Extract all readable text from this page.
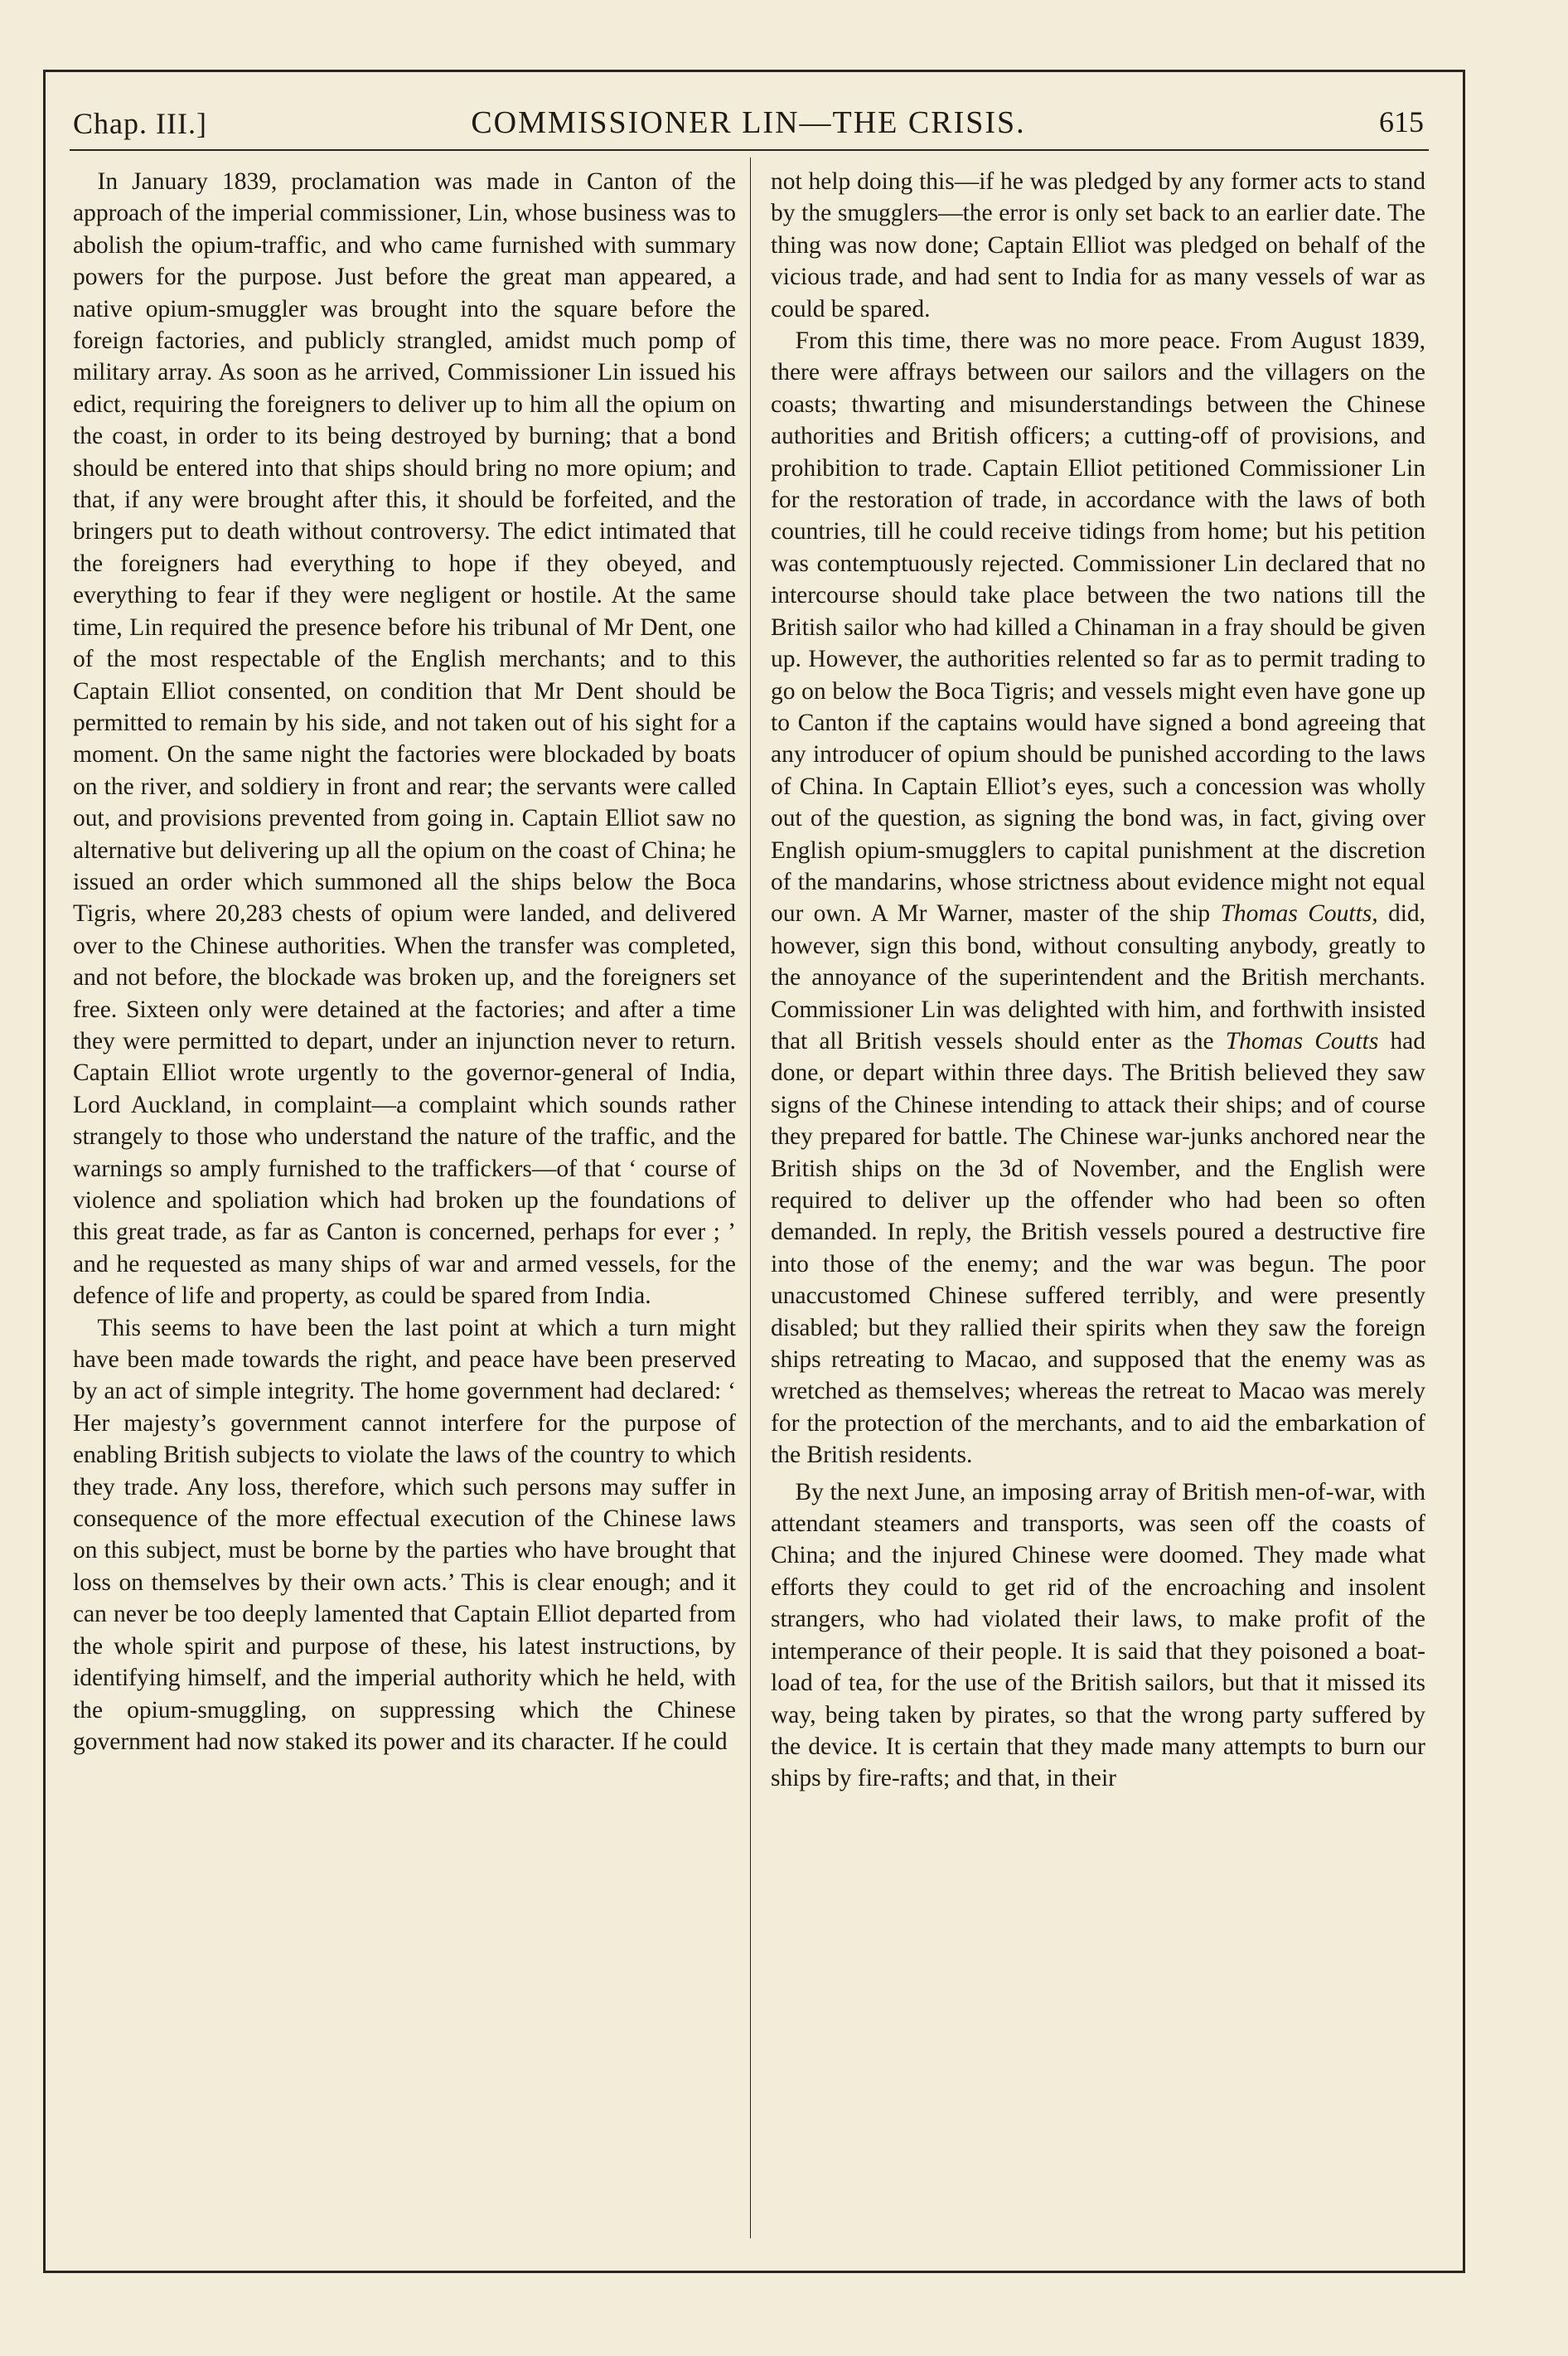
Chap. III.]	COMMISSIONER LIN—THE CRISIS.	615

In January 1839, proclamation was made in Canton of the approach of the imperial commissioner, Lin, whose business was to abolish the opium-traffic, and who came furnished with summary powers for the purpose. Just before the great man appeared, a native opium-smuggler was brought into the square before the foreign factories, and publicly strangled, amidst much pomp of military array. As soon as he arrived, Commissioner Lin issued his edict, requiring the foreigners to deliver up to him all the opium on the coast, in order to its being destroyed by burning; that a bond should be entered into that ships should bring no more opium; and that, if any were brought after this, it should be forfeited, and the bringers put to death without controversy. The edict intimated that the foreigners had everything to hope if they obeyed, and everything to fear if they were negligent or hostile. At the same time, Lin required the presence before his tribunal of Mr Dent, one of the most respectable of the English merchants; and to this Captain Elliot consented, on condition that Mr Dent should be permitted to remain by his side, and not taken out of his sight for a moment. On the same night the factories were blockaded by boats on the river, and soldiery in front and rear; the servants were called out, and provisions prevented from going in. Captain Elliot saw no alternative but delivering up all the opium on the coast of China; he issued an order which summoned all the ships below the Boca Tigris, where 20,283 chests of opium were landed, and delivered over to the Chinese authorities. When the transfer was completed, and not before, the blockade was broken up, and the foreigners set free. Sixteen only were detained at the factories; and after a time they were permitted to depart, under an injunction never to return. Captain Elliot wrote urgently to the governor-general of India, Lord Auckland, in complaint—a complaint which sounds rather strangely to those who understand the nature of the traffic, and the warnings so amply furnished to the traffickers—of that ‘ course of violence and spoliation which had broken up the foundations of this great trade, as far as Canton is concerned, perhaps for ever ; ’ and he requested as many ships of war and armed vessels, for the defence of life and property, as could be spared from India.

This seems to have been the last point at which a turn might have been made towards the right, and peace have been preserved by an act of simple integrity. The home government had declared: ‘ Her majesty’s government cannot interfere for the purpose of enabling British subjects to violate the laws of the country to which they trade. Any loss, therefore, which such persons may suffer in consequence of the more effectual execution of the Chinese laws on this subject, must be borne by the parties who have brought that loss on themselves by their own acts.’ This is clear enough; and it can never be too deeply lamented that Captain Elliot departed from the whole spirit and purpose of these, his latest instructions, by identifying himself, and the imperial authority which he held, with the opium-smuggling, on suppressing which the Chinese government had now staked its power and its character. If he could

not help doing this—if he was pledged by any former acts to stand by the smugglers—the error is only set back to an earlier date. The thing was now done; Captain Elliot was pledged on behalf of the vicious trade, and had sent to India for as many vessels of war as could be spared.

From this time, there was no more peace. From August 1839, there were affrays between our sailors and the villagers on the coasts; thwarting and misunderstandings between the Chinese authorities and British officers; a cutting-off of provisions, and prohibition to trade. Captain Elliot petitioned Commissioner Lin for the restoration of trade, in accordance with the laws of both countries, till he could receive tidings from home; but his petition was contemptuously rejected. Commissioner Lin declared that no intercourse should take place between the two nations till the British sailor who had killed a Chinaman in a fray should be given up. However, the authorities relented so far as to permit trading to go on below the Boca Tigris; and vessels might even have gone up to Canton if the captains would have signed a bond agreeing that any introducer of opium should be punished according to the laws of China. In Captain Elliot’s eyes, such a concession was wholly out of the question, as signing the bond was, in fact, giving over English opium-smugglers to capital punishment at the discretion of the mandarins, whose strictness about evidence might not equal our own. A Mr Warner, master of the ship Thomas Coutts, did, however, sign this bond, without consulting anybody, greatly to the annoyance of the superintendent and the British merchants. Commissioner Lin was delighted with him, and forthwith insisted that all British vessels should enter as the Thomas Coutts had done, or depart within three days. The British believed they saw signs of the Chinese intending to attack their ships; and of course they prepared for battle. The Chinese war-junks anchored near the British ships on the 3d of November, and the English were required to deliver up the offender who had been so often demanded. In reply, the British vessels poured a destructive fire into those of the enemy; and the war was begun. The poor unaccustomed Chinese suffered terribly, and were presently disabled; but they rallied their spirits when they saw the foreign ships retreating to Macao, and supposed that the enemy was as wretched as themselves; whereas the retreat to Macao was merely for the protection of the merchants, and to aid the embarkation of the British residents.

By the next June, an imposing array of British men-of-war, with attendant steamers and transports, was seen off the coasts of China; and the injured Chinese were doomed. They made what efforts they could to get rid of the encroaching and insolent strangers, who had violated their laws, to make profit of the intemperance of their people. It is said that they poisoned a boat-load of tea, for the use of the British sailors, but that it missed its way, being taken by pirates, so that the wrong party suffered by the device. It is certain that they made many attempts to burn our ships by fire-rafts; and that, in their
